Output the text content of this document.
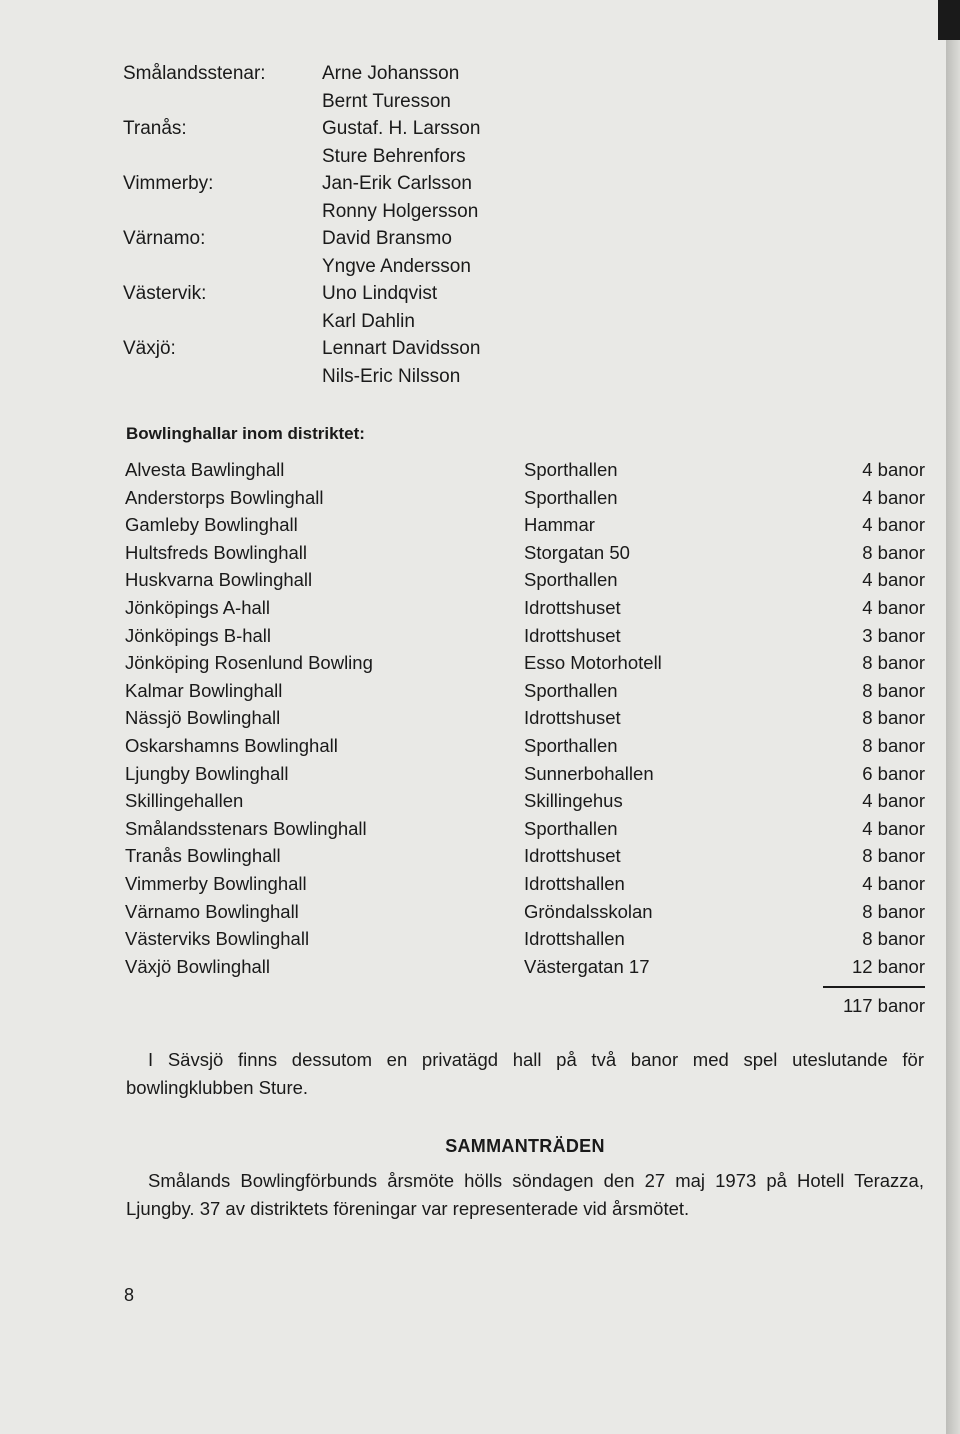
Smålandsstenar:	Arne Johansson
Bernt Turesson
Tranås:	Gustaf. H. Larsson
Sture Behrenfors
Vimmerby:	Jan-Erik Carlsson
Ronny Holgersson
Värnamo:	David Bransmo
Yngve Andersson
Västervik:	Uno Lindqvist
Karl Dahlin
Växjö:	Lennart Davidsson
Nils-Eric Nilsson
Bowlinghallar inom distriktet:
Alvesta Bawlinghall	Sporthallen	4 banor
Anderstorps Bowlinghall	Sporthallen	4 banor
Gamleby Bowlinghall	Hammar	4 banor
Hultsfreds Bowlinghall	Storgatan 50	8 banor
Huskvarna Bowlinghall	Sporthallen	4 banor
Jönköpings A-hall	Idrottshuset	4 banor
Jönköpings B-hall	Idrottshuset	3 banor
Jönköping Rosenlund Bowling	Esso Motorhotell	8 banor
Kalmar Bowlinghall	Sporthallen	8 banor
Nässjö Bowlinghall	Idrottshuset	8 banor
Oskarshamns Bowlinghall	Sporthallen	8 banor
Ljungby Bowlinghall	Sunnerbohallen	6 banor
Skillingehallen	Skillingehus	4 banor
Smålandsstenars Bowlinghall	Sporthallen	4 banor
Tranås Bowlinghall	Idrottshuset	8 banor
Vimmerby Bowlinghall	Idrottshallen	4 banor
Värnamo Bowlinghall	Gröndalsskolan	8 banor
Västerviks Bowlinghall	Idrottshallen	8 banor
Växjö Bowlinghall	Västergatan 17	12 banor
117 banor
I Sävsjö finns dessutom en privatägd hall på två banor med spel uteslutande för bowlingklubben Sture.
SAMMANTRÄDEN
Smålands Bowlingförbunds årsmöte hölls söndagen den 27 maj 1973 på Hotell Terazza, Ljungby. 37 av distriktets föreningar var representerade vid årsmötet.
8
